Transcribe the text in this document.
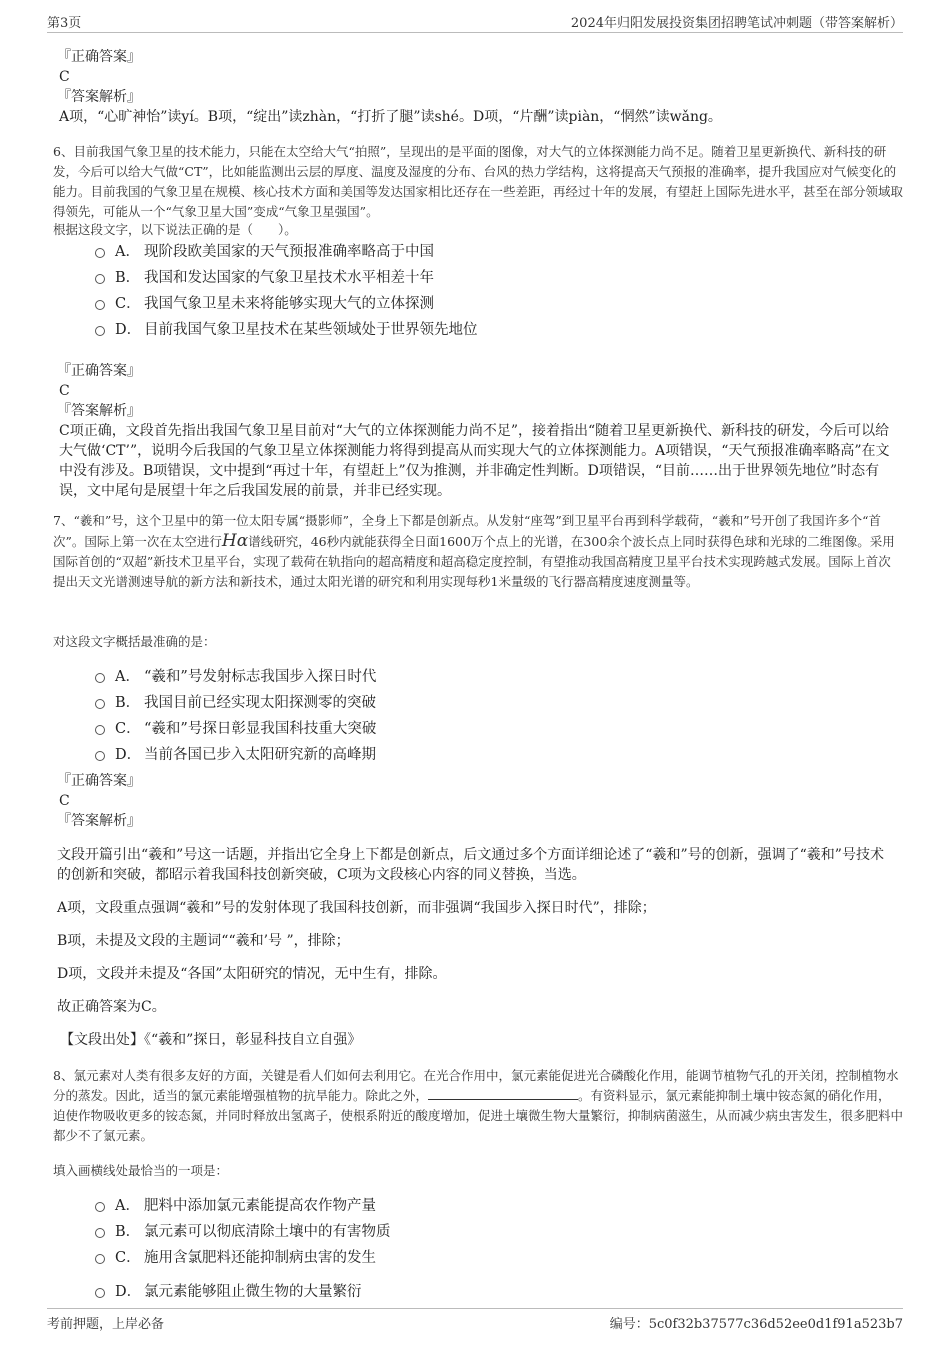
第3页	2024年归阳发展投资集团招聘笔试冲刺题（带答案解析）
『正确答案』
C
『答案解析』
A项，“心旷神怡”读yí。B项，“绽出”读zhàn，“打折了腿”读shé。D项，“片酬”读piàn，“惘然”读wǎng。
6、目前我国气象卫星的技术能力，只能在太空给大气“拍照”，呈现出的是平面的图像，对大气的立体探测能力尚不足。随着卫星更新换代、新科技的研发，今后可以给大气做“CT”，比如能监测出云层的厚度、温度及湿度的分布、台风的热力学结构，这将提高天气预报的准确率，提升我国应对气候变化的能力。目前我国的气象卫星在规模、核心技术方面和美国等发达国家相比还存在一些差距，再经过十年的发展，有望赶上国际先进水平，甚至在部分领域取得领先，可能从一个“气象卫星大国”变成“气象卫星强国”。
根据这段文字，以下说法正确的是（　　）。
A． 现阶段欧美国家的天气预报准确率略高于中国
B． 我国和发达国家的气象卫星技术水平相差十年
C． 我国气象卫星未来将能够实现大气的立体探测
D． 目前我国气象卫星技术在某些领域处于世界领先地位
『正确答案』
C
『答案解析』
C项正确，文段首先指出我国气象卫星目前对“大气的立体探测能力尚不足”，接着指出“随着卫星更新换代、新科技的研发，今后可以给大气做‘CT’”，说明今后我国的气象卫星立体探测能力将得到提高从而实现大气的立体探测能力。A项错误，“天气预报准确率略高”在文中没有涉及。B项错误，文中提到“再过十年，有望赶上”仅为推测，并非确定性判断。D项错误，“目前……出于世界领先地位”时态有误，文中尾句是展望十年之后我国发展的前景，并非已经实现。
7、“羲和”号，这个卫星中的第一位太阳专属“摄影师”，全身上下都是创新点。从发射“座驾”到卫星平台再到科学载荷，“羲和”号开创了我国许多个“首次”。国际上第一次在太空进行Hα谱线研究，46秒内就能获得全日面1600万个点上的光谱，在300余个波长点上同时获得色球和光球的二维图像。采用国际首创的“双超”新技术卫星平台，实现了载荷在轨指向的超高精度和超高稳定度控制，有望推动我国高精度卫星平台技术实现跨越式发展。国际上首次提出天文光谱测速导航的新方法和新技术，通过太阳光谱的研究和利用实现每秒1米量级的飞行器高精度速度测量等。
对这段文字概括最准确的是：
A． “羲和”号发射标志我国步入探日时代
B． 我国目前已经实现太阳探测零的突破
C． “羲和”号探日彰显我国科技重大突破
D． 当前各国已步入太阳研究新的高峰期
『正确答案』
C
『答案解析』
文段开篇引出“羲和”号这一话题，并指出它全身上下都是创新点，后文通过多个方面详细论述了“羲和”号的创新，强调了“羲和”号技术的创新和突破，都昭示着我国科技创新突破，C项为文段核心内容的同义替换，当选。
A项，文段重点强调“羲和”号的发射体现了我国科技创新，而非强调“我国步入探日时代”，排除；
B项，未提及文段的主题词““羲和’号 ”，排除；
D项，文段并未提及“各国”太阳研究的情况，无中生有，排除。
故正确答案为C。
【文段出处】《“羲和”探日，彰显科技自立自强》
8、氯元素对人类有很多友好的方面，关键是看人们如何去利用它。在光合作用中，氯元素能促进光合磷酸化作用，能调节植物气孔的开关闭，控制植物水分的蒸发。因此，适当的氯元素能增强植物的抗旱能力。除此之外，	。有资料显示，氯元素能抑制土壤中铵态氮的硝化作用，迫使作物吸收更多的铵态氮，并同时释放出氢离子，使根系附近的酸度增加，促进土壤微生物大量繁衍，抑制病菌滋生，从而减少病虫害发生，很多肥料中都少不了氯元素。
填入画横线处最恰当的一项是：
A． 肥料中添加氯元素能提高农作物产量
B． 氯元素可以彻底清除土壤中的有害物质
C． 施用含氯肥料还能抑制病虫害的发生
D． 氯元素能够阻止微生物的大量繁衍
考前押题，上岸必备	编号：5c0f32b37577c36d52ee0d1f91a523b7
